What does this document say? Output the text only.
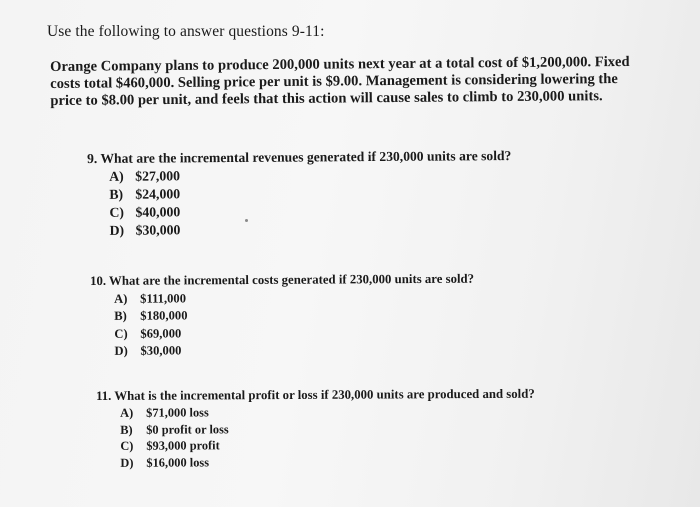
Use the following to answer questions 9-11:
Orange Company plans to produce 200,000 units next year at a total cost of $1,200,000. Fixed
costs total $460,000. Selling price per unit is $9.00. Management is considering lowering the
price to $8.00 per unit, and feels that this action will cause sales to climb to 230,000 units.
9. What are the incremental revenues generated if 230,000 units are sold?
A) $27,000
B) $24,000
C) $40,000
D) $30,000
10. What are the incremental costs generated if 230,000 units are sold?
A) $111,000
B) $180,000
C) $69,000
D) $30,000
11. What is the incremental profit or loss if 230,000 units are produced and sold?
A) $71,000 loss
B) $0 profit or loss
C) $93,000 profit
D) $16,000 loss
